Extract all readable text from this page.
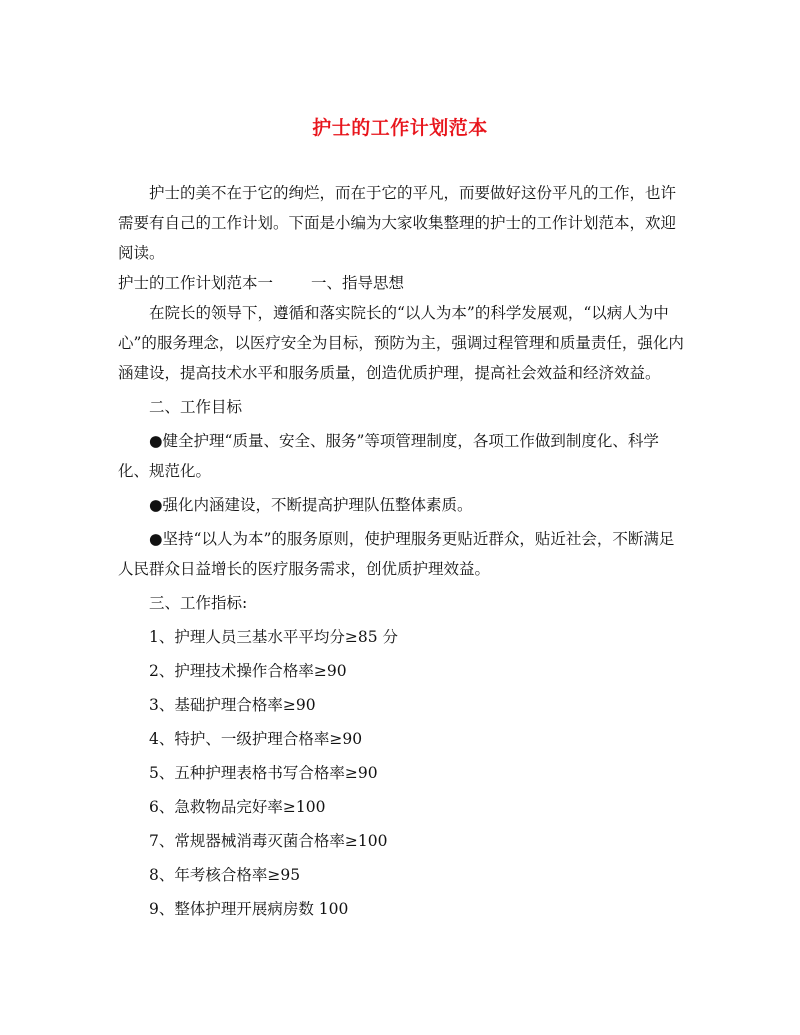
护士的工作计划范本

护士的美不在于它的绚烂，而在于它的平凡，而要做好这份平凡的工作，也许需要有自己的工作计划。下面是小编为大家收集整理的护士的工作计划范本，欢迎阅读。

护士的工作计划范本一 一、指导思想

在院长的领导下，遵循和落实院长的“以人为本”的科学发展观，“以病人为中心”的服务理念，以医疗安全为目标，预防为主，强调过程管理和质量责任，强化内涵建设，提高技术水平和服务质量，创造优质护理，提高社会效益和经济效益。

二、工作目标

●健全护理“质量、安全、服务”等项管理制度，各项工作做到制度化、科学化、规范化。

●强化内涵建设，不断提高护理队伍整体素质。

●坚持“以人为本”的服务原则，使护理服务更贴近群众，贴近社会，不断满足人民群众日益增长的医疗服务需求，创优质护理效益。

三、工作指标:

1、护理人员三基水平平均分≥85 分

2、护理技术操作合格率≥90

3、基础护理合格率≥90

4、特护、一级护理合格率≥90

5、五种护理表格书写合格率≥90

6、急救物品完好率≥100

7、常规器械消毒灭菌合格率≥100

8、年考核合格率≥95

9、整体护理开展病房数 100
